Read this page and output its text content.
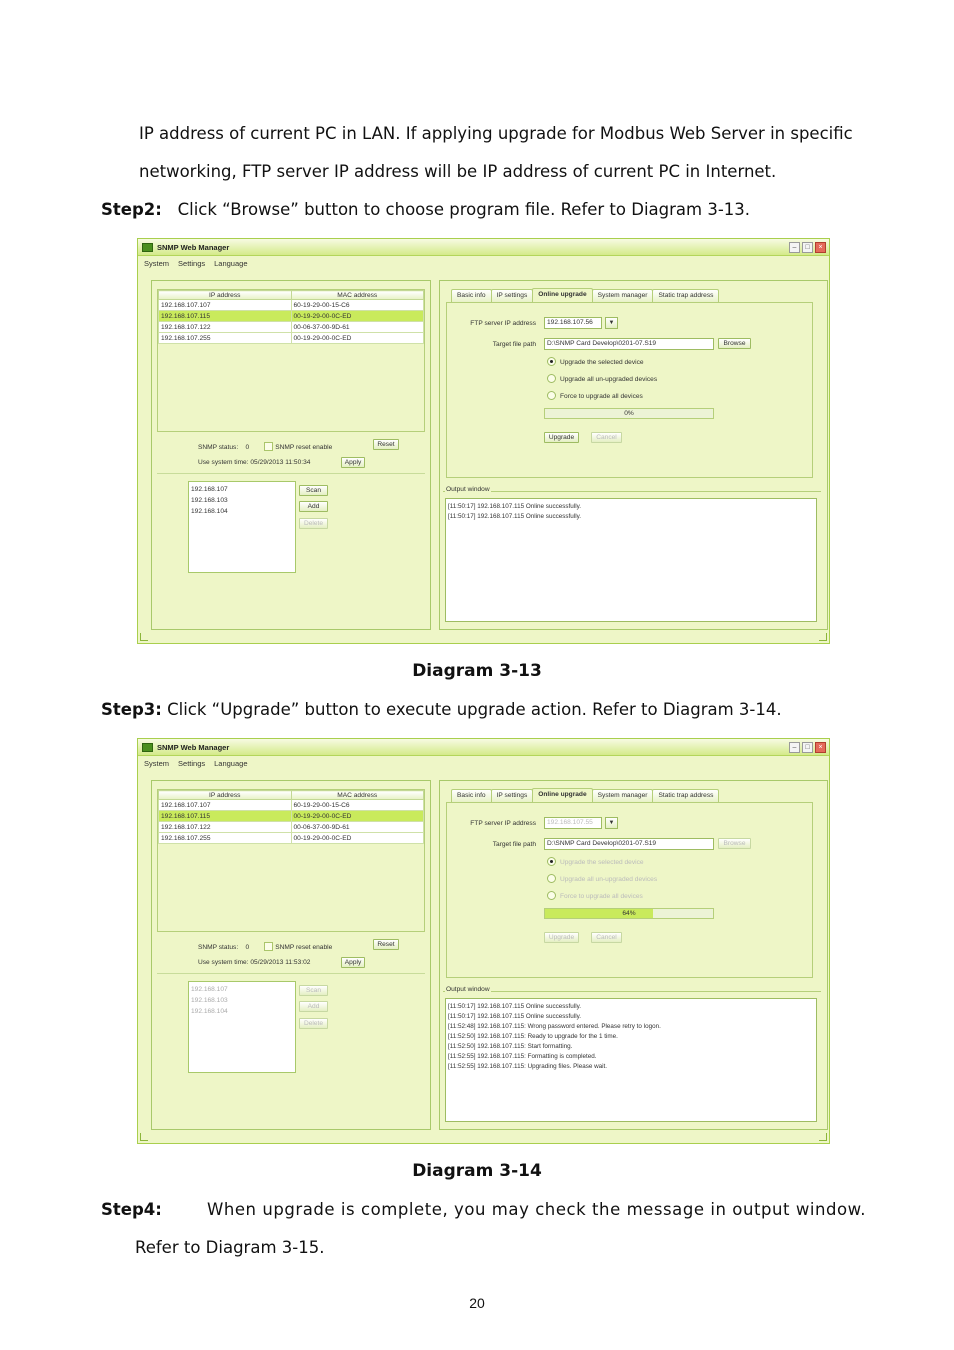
IP address of current PC in LAN. If applying upgrade for Modbus Web Server in specific
networking, FTP server IP address will be IP address of current PC in Internet.
Step2: Click “Browse” button to choose program file. Refer to Diagram 3-13.
SNMP Web Manager	–	□	×
System Settings Language
IP address	MAC address
192.168.107.107	60-19-29-00-15-C6
192.168.107.115	00-19-29-00-0C-ED
192.168.107.122	00-06-37-00-9D-61
192.168.107.255	00-19-29-00-0C-ED
SNMP status: 0	SNMP reset enable	Reset
Use system time: 05/29/2013 11:50:34	Apply
192.168.107
192.168.103
192.168.104
Scan
Add
Delete
Basic info	IP settings	Online upgrade	System manager	Static trap address
FTP server IP address	192.168.107.56	▼
Target file path	D:\SNMP Card Develop\0201-07.S19	Browse
Upgrade the selected device
Upgrade all un-upgraded devices
Force to upgrade all devices
0%
Upgrade	Cancel
Output window
[11:50:17] 192.168.107.115 Online successfully.
[11:50:17] 192.168.107.115 Online successfully.
Diagram 3-13
Step3: Click “Upgrade” button to execute upgrade action. Refer to Diagram 3-14.
SNMP Web Manager	–	□	×
System Settings Language
IP address	MAC address
192.168.107.107	60-19-29-00-15-C6
192.168.107.115	00-19-29-00-0C-ED
192.168.107.122	00-06-37-00-9D-61
192.168.107.255	00-19-29-00-0C-ED
SNMP status: 0	SNMP reset enable	Reset
Use system time: 05/29/2013 11:53:02	Apply
192.168.107
192.168.103
192.168.104
Scan
Add
Delete
Basic info	IP settings	Online upgrade	System manager	Static trap address
FTP server IP address	192.168.107.55	▼
Target file path	D:\SNMP Card Develop\0201-07.S19	Browse
Upgrade the selected device
Upgrade all un-upgraded devices
Force to upgrade all devices
64%
Upgrade	Cancel
Output window
[11:50:17] 192.168.107.115 Online successfully.
[11:50:17] 192.168.107.115 Online successfully.
[11:52:48] 192.168.107.115: Wrong password entered. Please retry to logon.
[11:52:50] 192.168.107.115: Ready to upgrade for the 1 time.
[11:52:50] 192.168.107.115: Start formatting.
[11:52:55] 192.168.107.115: Formatting is completed.
[11:52:55] 192.168.107.115: Upgrading files. Please wait.
Diagram 3-14
Step4:	When upgrade is complete, you may check the message in output window.
Refer to Diagram 3-15.
20
